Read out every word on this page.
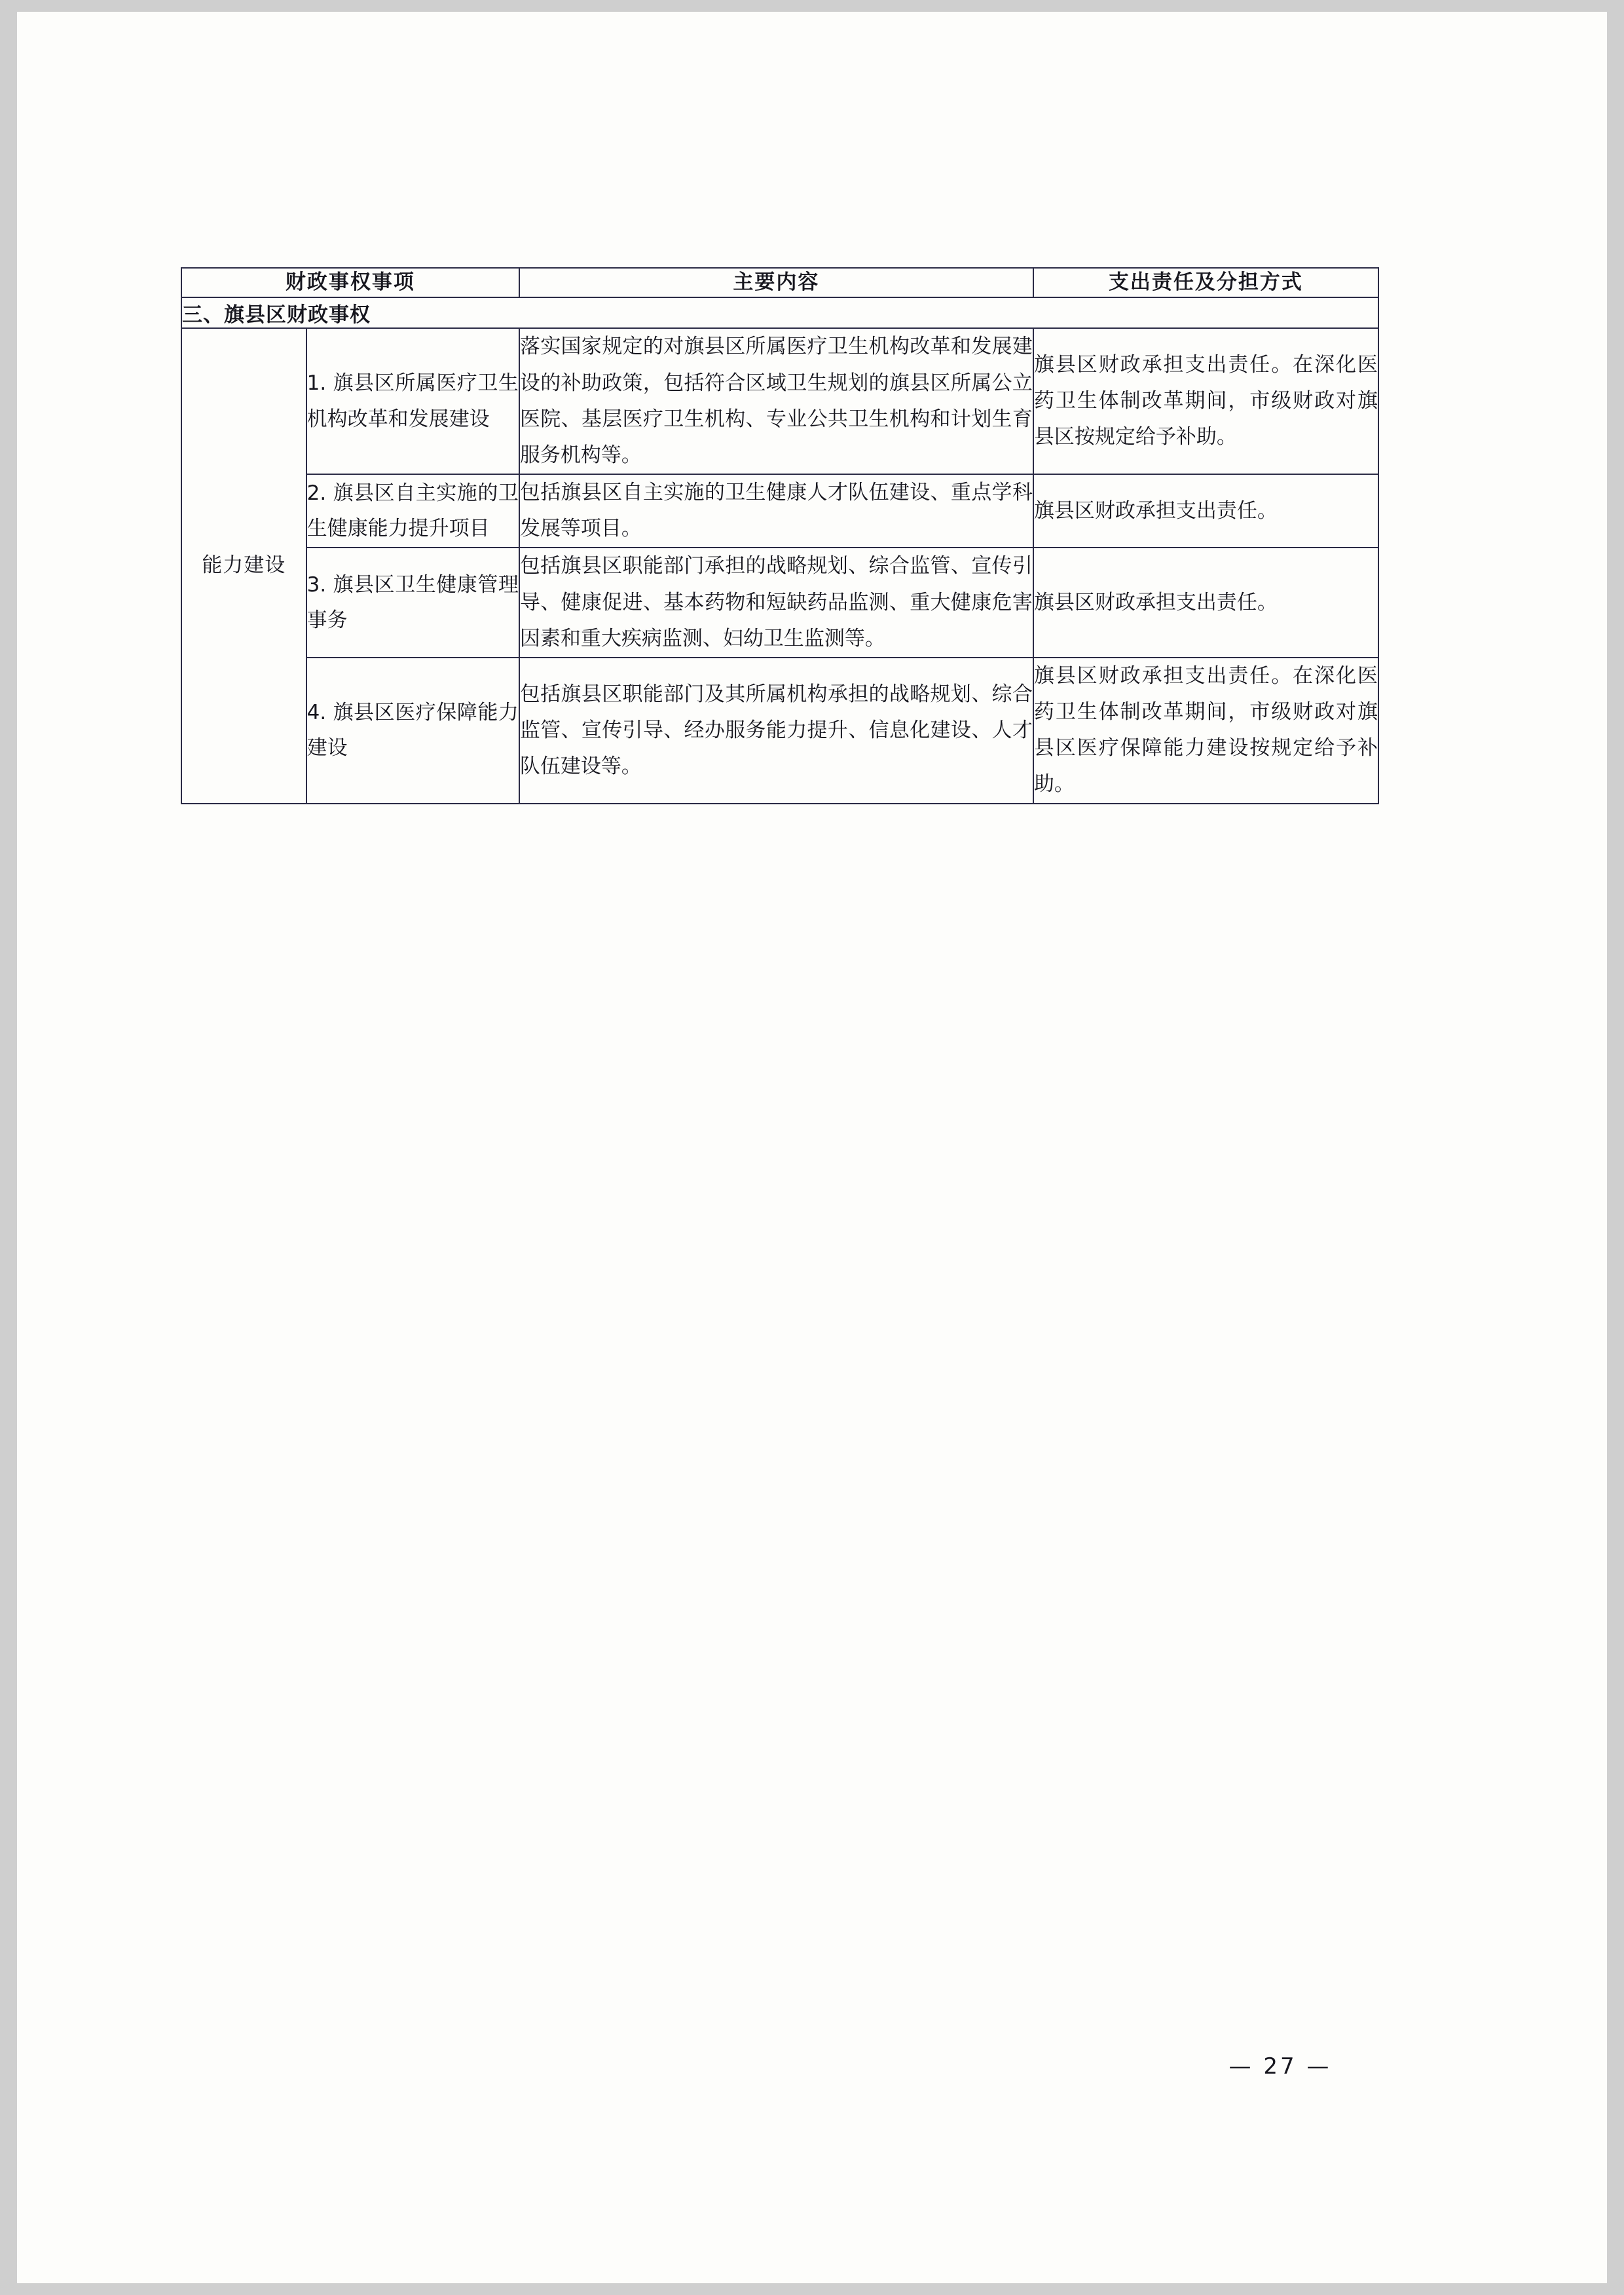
财政事权事项		主要内容	支出责任及分担方式
三、旗县区财政事权			
能力建设	1. 旗县区所属医疗卫生机构改革和发展建设	落实国家规定的对旗县区所属医疗卫生机构改革和发展建设的补助政策，包括符合区域卫生规划的旗县区所属公立医院、基层医疗卫生机构、专业公共卫生机构和计划生育服务机构等。	旗县区财政承担支出责任。在深化医药卫生体制改革期间，市级财政对旗县区按规定给予补助。
	2. 旗县区自主实施的卫生健康能力提升项目	包括旗县区自主实施的卫生健康人才队伍建设、重点学科发展等项目。	旗县区财政承担支出责任。
	3. 旗县区卫生健康管理事务	包括旗县区职能部门承担的战略规划、综合监管、宣传引导、健康促进、基本药物和短缺药品监测、重大健康危害因素和重大疾病监测、妇幼卫生监测等。	旗县区财政承担支出责任。
	4. 旗县区医疗保障能力建设	包括旗县区职能部门及其所属机构承担的战略规划、综合监管、宣传引导、经办服务能力提升、信息化建设、人才队伍建设等。	旗县区财政承担支出责任。在深化医药卫生体制改革期间，市级财政对旗县区医疗保障能力建设按规定给予补助。
— 27 —
